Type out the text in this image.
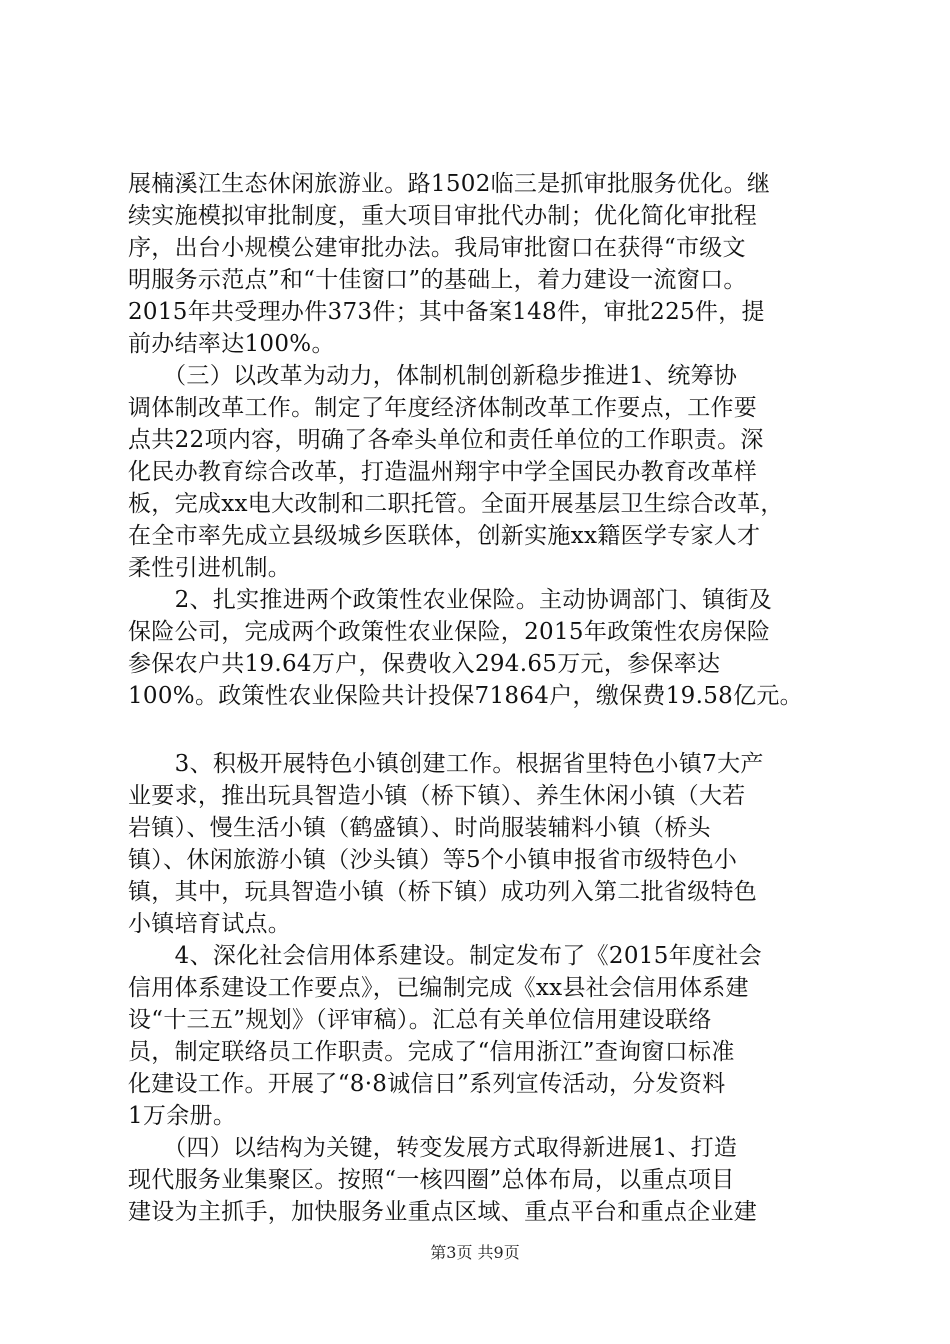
展楠溪江生态休闲旅游业。路1502临三是抓审批服务优化。继
续实施模拟审批制度，重大项目审批代办制；优化简化审批程
序，出台小规模公建审批办法。我局审批窗口在获得“市级文
明服务示范点”和“十佳窗口”的基础上，着力建设一流窗口。
2015年共受理办件373件；其中备案148件，审批225件，提
前办结率达100%。
　　（三）以改革为动力，体制机制创新稳步推进1、统筹协
调体制改革工作。制定了年度经济体制改革工作要点，工作要
点共22项内容，明确了各牵头单位和责任单位的工作职责。深
化民办教育综合改革，打造温州翔宇中学全国民办教育改革样
板，完成xx电大改制和二职托管。全面开展基层卫生综合改革，
在全市率先成立县级城乡医联体，创新实施xx籍医学专家人才
柔性引进机制。
　　2、扎实推进两个政策性农业保险。主动协调部门、镇街及
保险公司，完成两个政策性农业保险，2015年政策性农房保险
参保农户共19.64万户，保费收入294.65万元，参保率达
100%。政策性农业保险共计投保71864户，缴保费19.58亿元。
　　3、积极开展特色小镇创建工作。根据省里特色小镇7大产
业要求，推出玩具智造小镇（桥下镇）、养生休闲小镇（大若
岩镇）、慢生活小镇（鹤盛镇）、时尚服装辅料小镇（桥头
镇）、休闲旅游小镇（沙头镇）等5个小镇申报省市级特色小
镇，其中，玩具智造小镇（桥下镇）成功列入第二批省级特色
小镇培育试点。
　　4、深化社会信用体系建设。制定发布了《2015年度社会
信用体系建设工作要点》，已编制完成《xx县社会信用体系建
设“十三五”规划》（评审稿）。汇总有关单位信用建设联络
员，制定联络员工作职责。完成了“信用浙江”查询窗口标准
化建设工作。开展了“8·8诚信日”系列宣传活动，分发资料
1万余册。
　　（四）以结构为关键，转变发展方式取得新进展1、打造
现代服务业集聚区。按照“一核四圈”总体布局，以重点项目
建设为主抓手，加快服务业重点区域、重点平台和重点企业建
第3页 共9页
